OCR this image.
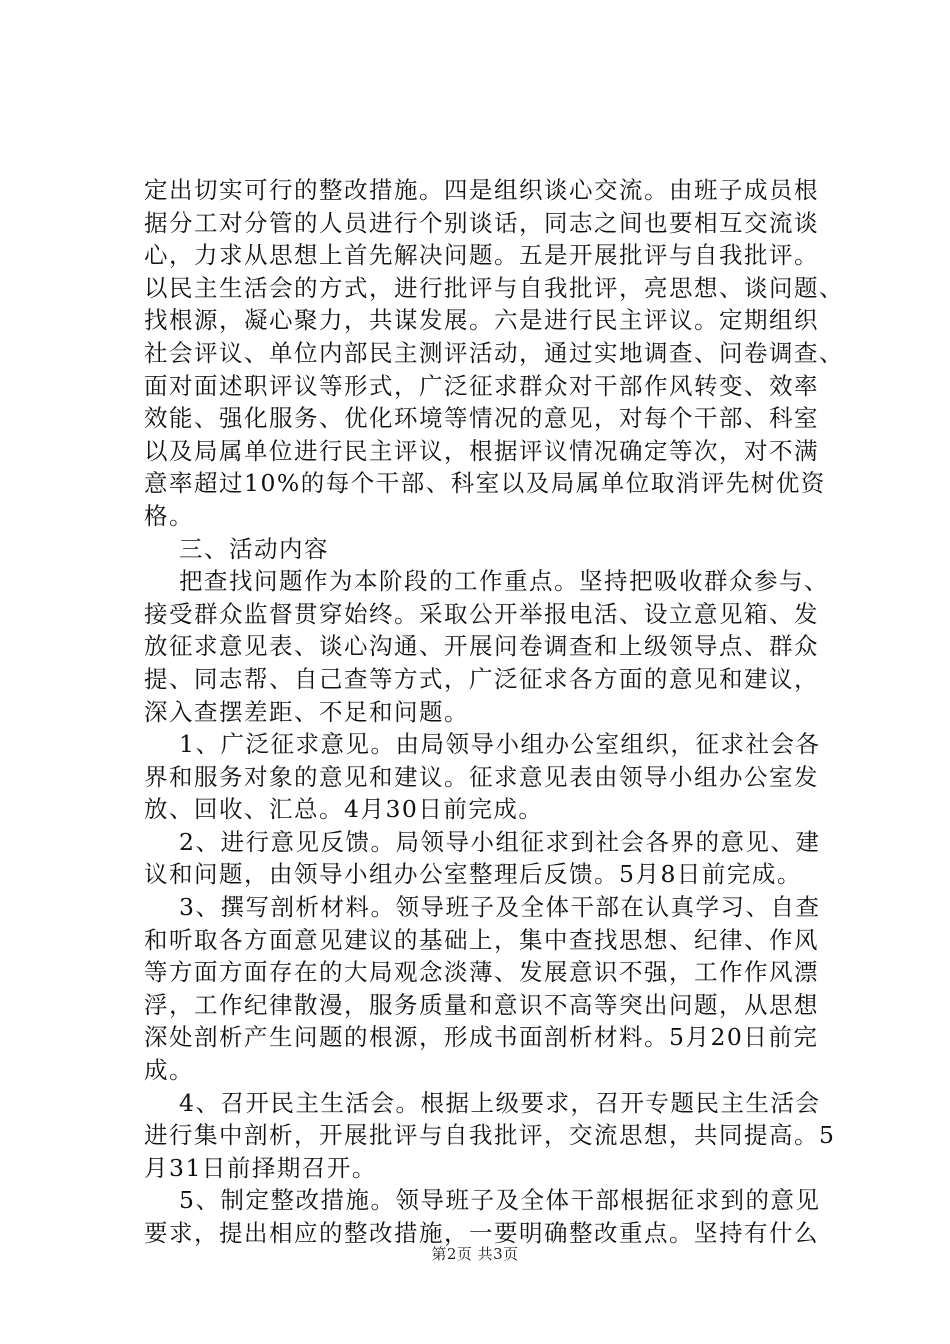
定出切实可行的整改措施。四是组织谈心交流。由班子成员根
据分工对分管的人员进行个别谈话，同志之间也要相互交流谈
心，力求从思想上首先解决问题。五是开展批评与自我批评。
以民主生活会的方式，进行批评与自我批评，亮思想、谈问题、
找根源，凝心聚力，共谋发展。六是进行民主评议。定期组织
社会评议、单位内部民主测评活动，通过实地调查、问卷调查、
面对面述职评议等形式，广泛征求群众对干部作风转变、效率
效能、强化服务、优化环境等情况的意见，对每个干部、科室
以及局属单位进行民主评议，根据评议情况确定等次，对不满
意率超过10%的每个干部、科室以及局属单位取消评先树优资
格。
三、活动内容
把查找问题作为本阶段的工作重点。坚持把吸收群众参与、
接受群众监督贯穿始终。采取公开举报电活、设立意见箱、发
放征求意见表、谈心沟通、开展问卷调查和上级领导点、群众
提、同志帮、自己查等方式，广泛征求各方面的意见和建议，
深入查摆差距、不足和问题。
1、广泛征求意见。由局领导小组办公室组织，征求社会各
界和服务对象的意见和建议。征求意见表由领导小组办公室发
放、回收、汇总。4月30日前完成。
2、进行意见反馈。局领导小组征求到社会各界的意见、建
议和问题，由领导小组办公室整理后反馈。5月8日前完成。
3、撰写剖析材料。领导班子及全体干部在认真学习、自查
和听取各方面意见建议的基础上，集中查找思想、纪律、作风
等方面方面存在的大局观念淡薄、发展意识不强，工作作风漂
浮，工作纪律散漫，服务质量和意识不高等突出问题，从思想
深处剖析产生问题的根源，形成书面剖析材料。5月20日前完
成。
4、召开民主生活会。根据上级要求，召开专题民主生活会
进行集中剖析，开展批评与自我批评，交流思想，共同提高。5
月31日前择期召开。
5、制定整改措施。领导班子及全体干部根据征求到的意见
要求，提出相应的整改措施，一要明确整改重点。坚持有什么
第2页 共3页
